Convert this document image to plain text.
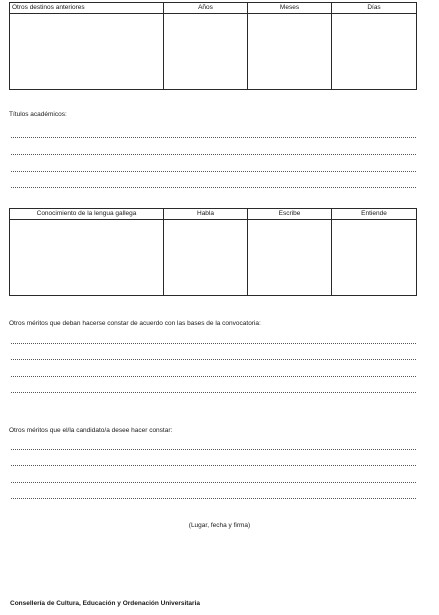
Otros destinos anteriores	Años	Meses	Días

Títulos académicos:
Conocimiento de la lengua gallega	Habla	Escribe	Entiende

Otros méritos que deban hacerse constar de acuerdo con las bases de la convocatoria:
Otros méritos que el/la candidato/a desee hacer constar:
(Lugar, fecha y firma)
Consellería de Cultura, Educación y Ordenación Universitaria
